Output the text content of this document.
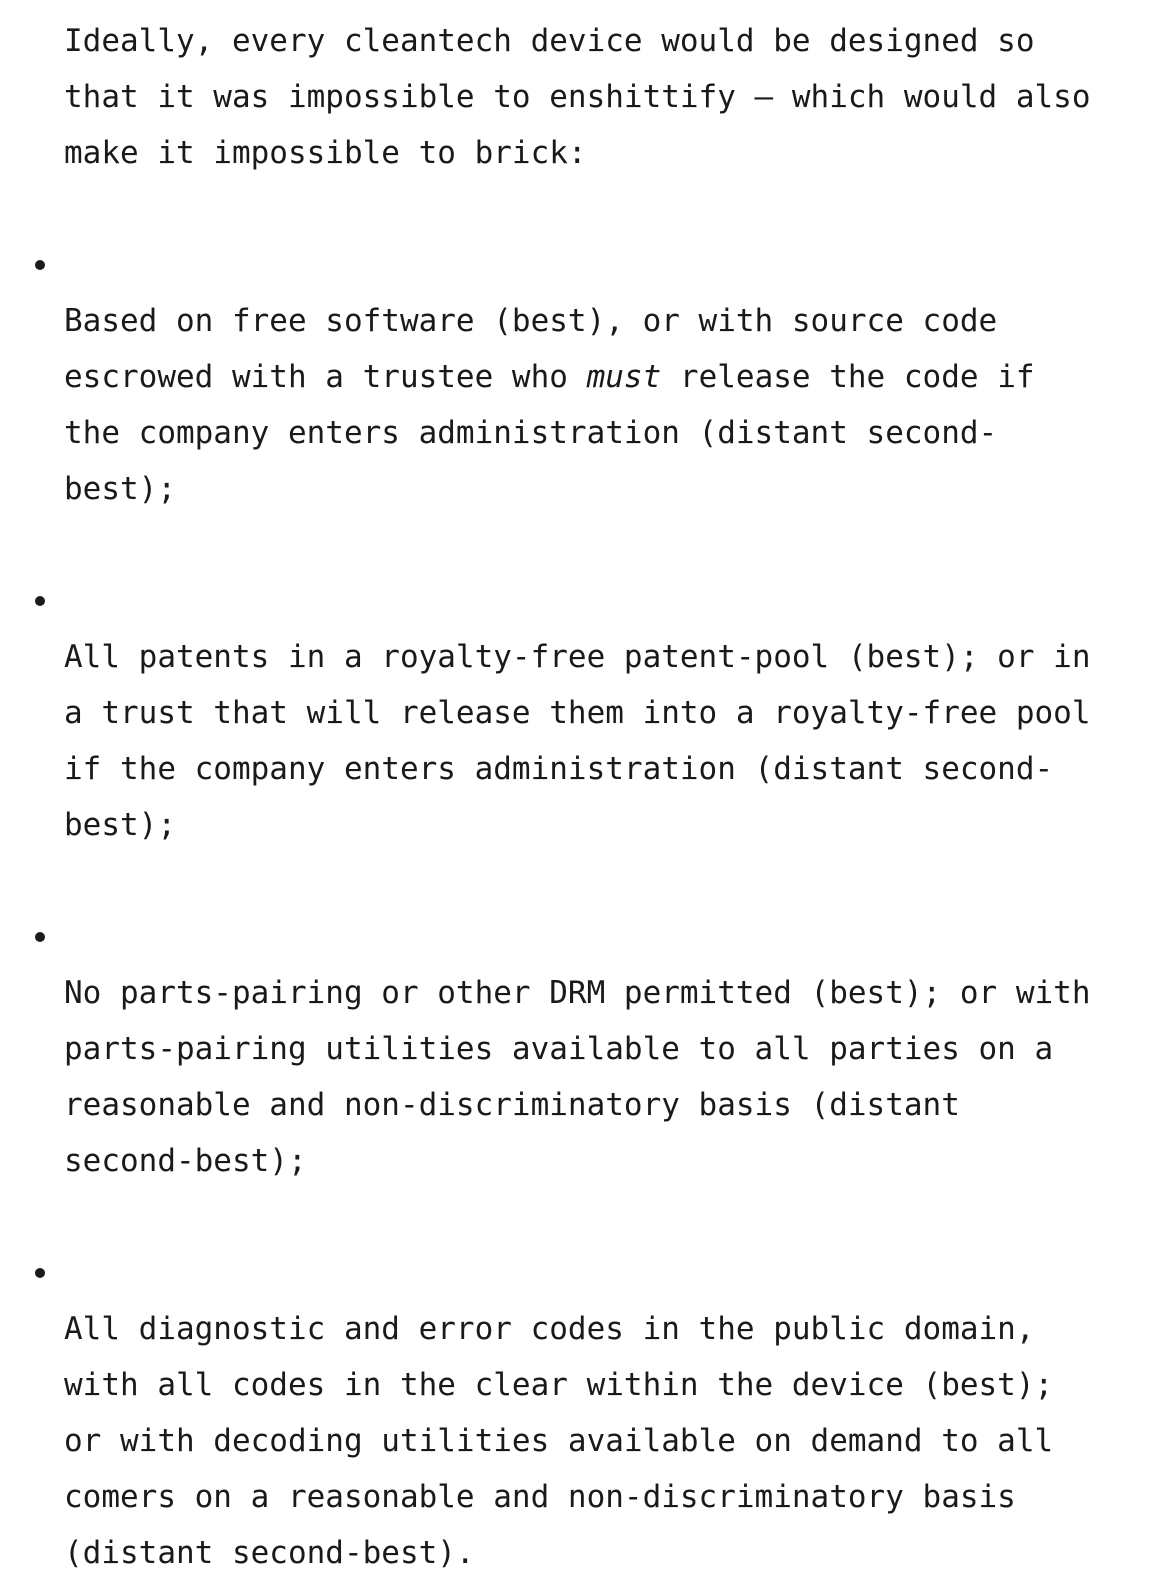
Ideally, every cleantech device would be designed so
that it was impossible to enshittify – which would also
make it impossible to brick:

Based on free software (best), or with source code
escrowed with a trustee who must release the code if
the company enters administration (distant second-
best);

All patents in a royalty-free patent-pool (best); or in
a trust that will release them into a royalty-free pool
if the company enters administration (distant second-
best);

No parts-pairing or other DRM permitted (best); or with
parts-pairing utilities available to all parties on a
reasonable and non-discriminatory basis (distant
second-best);

All diagnostic and error codes in the public domain,
with all codes in the clear within the device (best);
or with decoding utilities available on demand to all
comers on a reasonable and non-discriminatory basis
(distant second-best).
